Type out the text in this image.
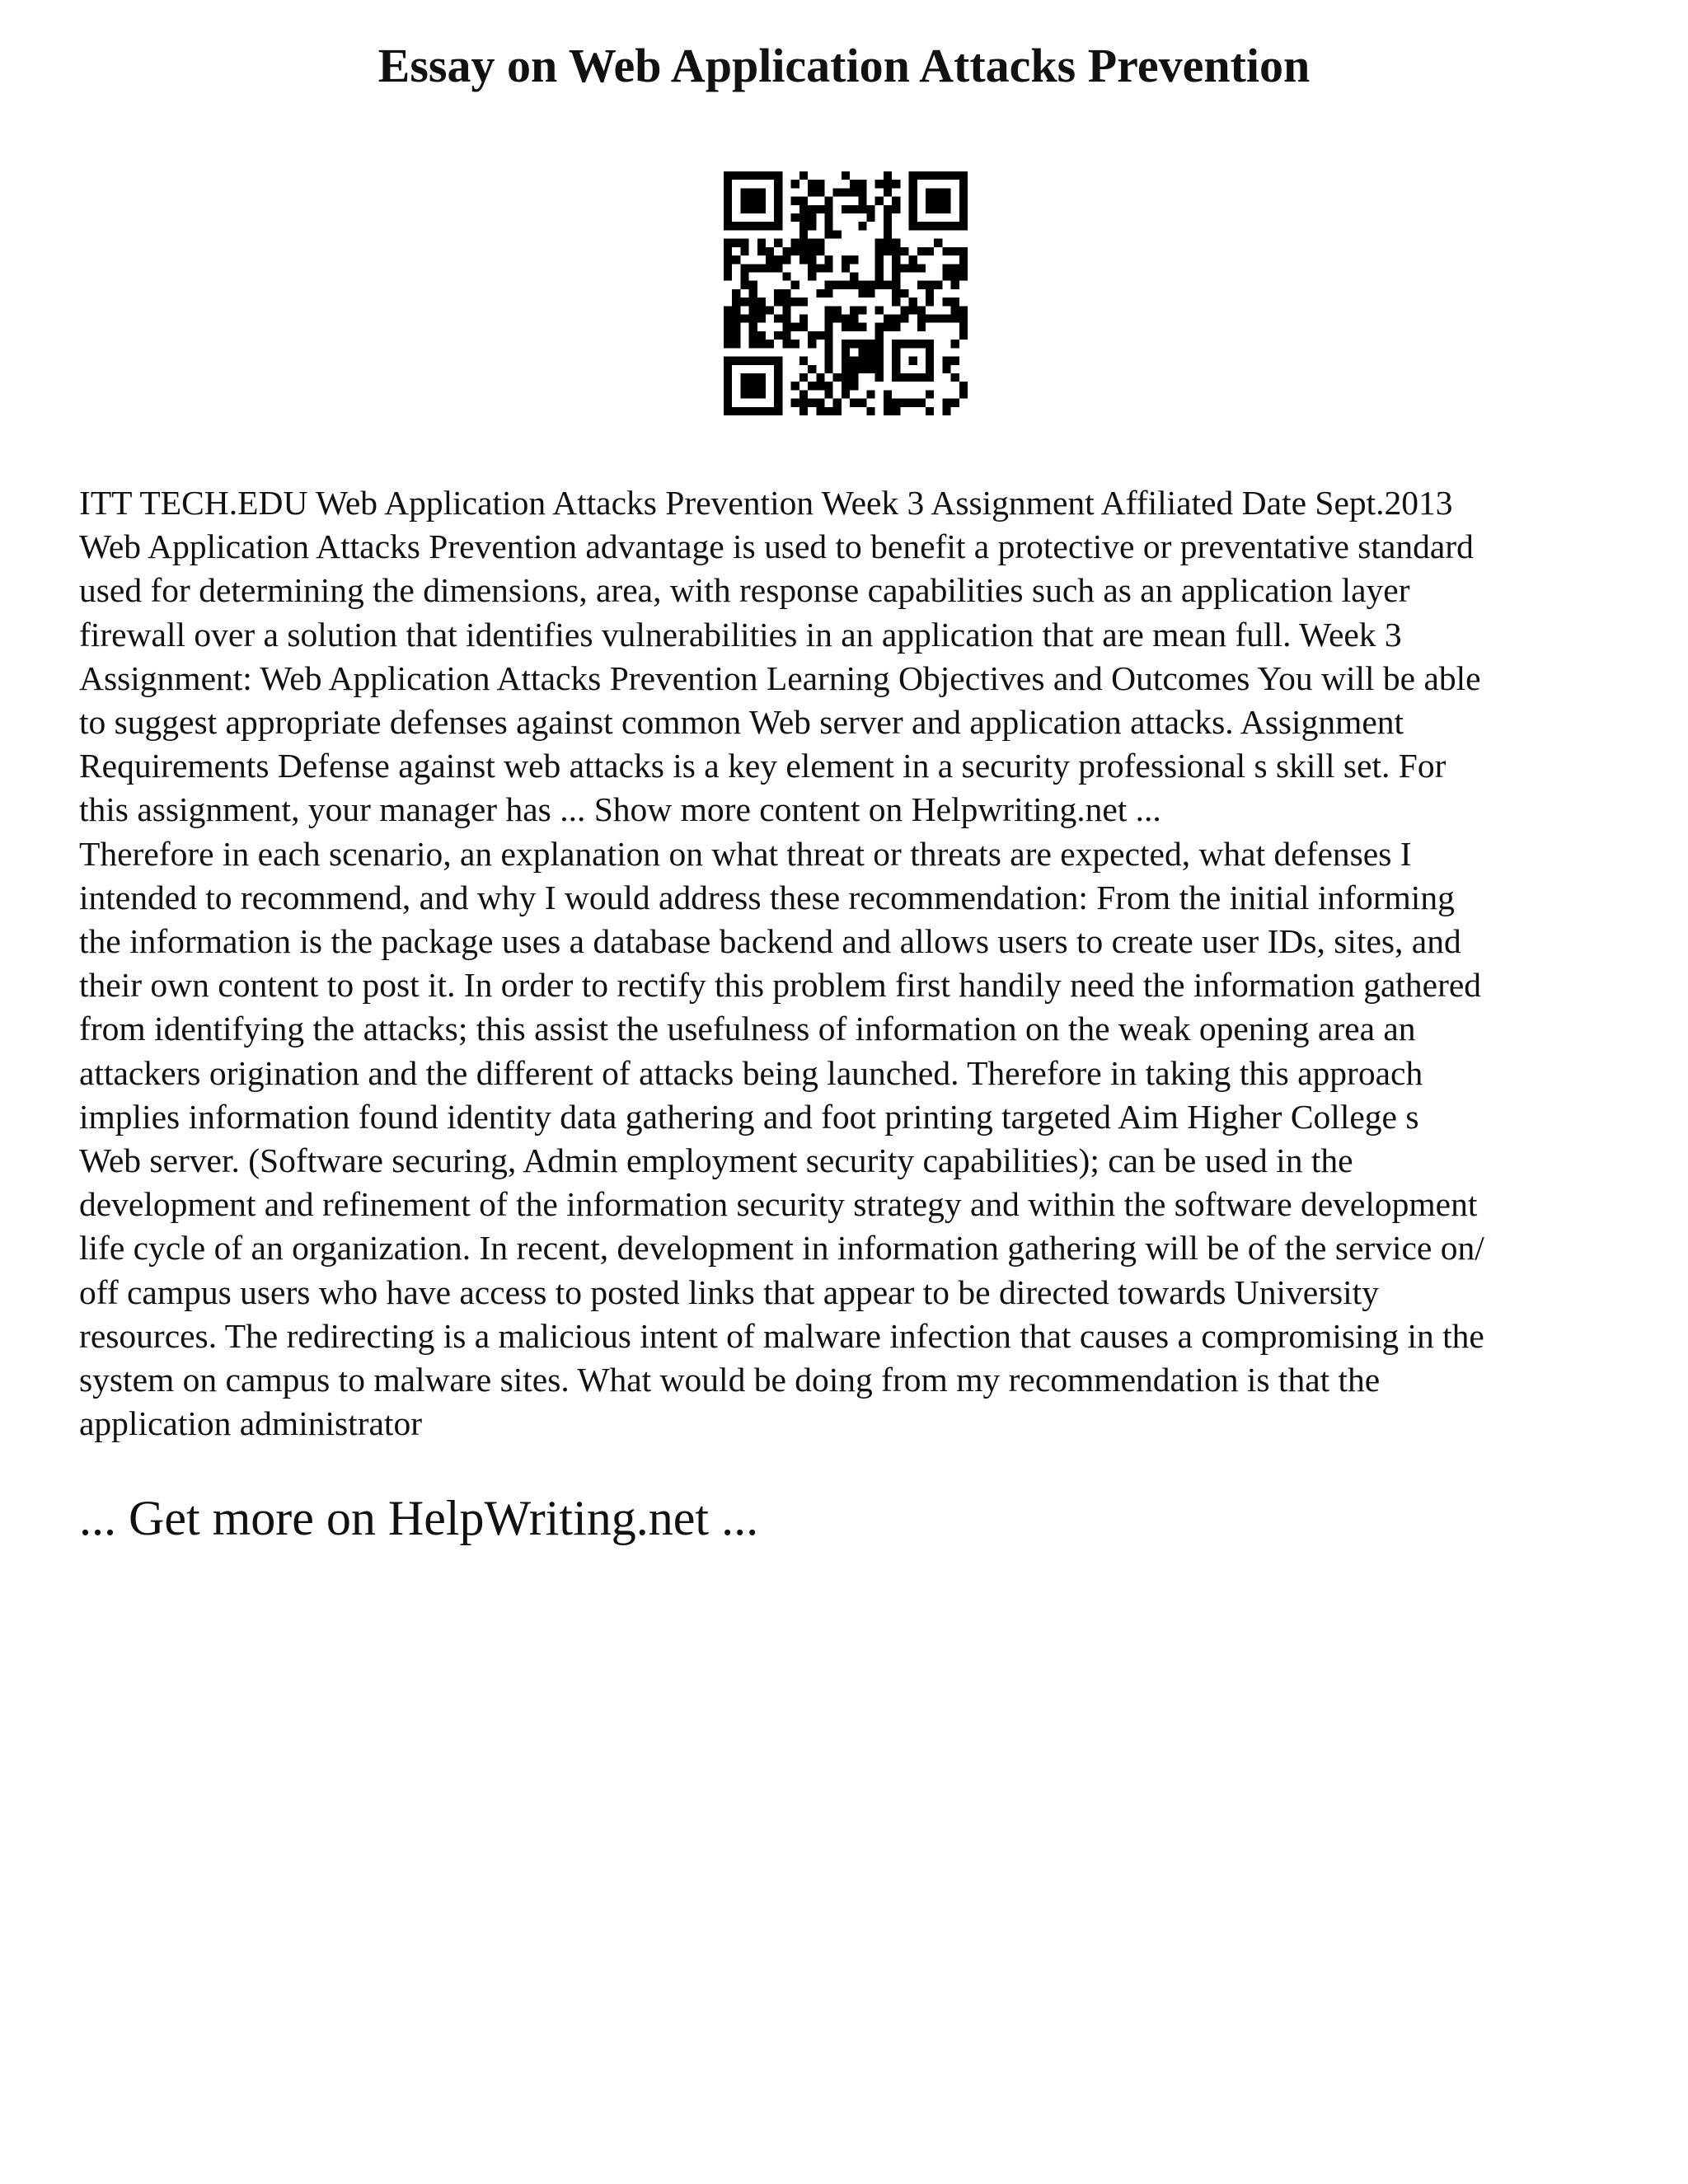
Essay on Web Application Attacks Prevention

ITT TECH.EDU Web Application Attacks Prevention Week 3 Assignment Affiliated Date Sept.2013
Web Application Attacks Prevention advantage is used to benefit a protective or preventative standard
used for determining the dimensions, area, with response capabilities such as an application layer
firewall over a solution that identifies vulnerabilities in an application that are mean full. Week 3
Assignment: Web Application Attacks Prevention Learning Objectives and Outcomes You will be able
to suggest appropriate defenses against common Web server and application attacks. Assignment
Requirements Defense against web attacks is a key element in a security professional s skill set. For
this assignment, your manager has ... Show more content on Helpwriting.net ...

Therefore in each scenario, an explanation on what threat or threats are expected, what defenses I
intended to recommend, and why I would address these recommendation: From the initial informing
the information is the package uses a database backend and allows users to create user IDs, sites, and
their own content to post it. In order to rectify this problem first handily need the information gathered
from identifying the attacks; this assist the usefulness of information on the weak opening area an
attackers origination and the different of attacks being launched. Therefore in taking this approach
implies information found identity data gathering and foot printing targeted Aim Higher College s
Web server. (Software securing, Admin employment security capabilities); can be used in the
development and refinement of the information security strategy and within the software development
life cycle of an organization. In recent, development in information gathering will be of the service on/
off campus users who have access to posted links that appear to be directed towards University
resources. The redirecting is a malicious intent of malware infection that causes a compromising in the
system on campus to malware sites. What would be doing from my recommendation is that the
application administrator

... Get more on HelpWriting.net ...
